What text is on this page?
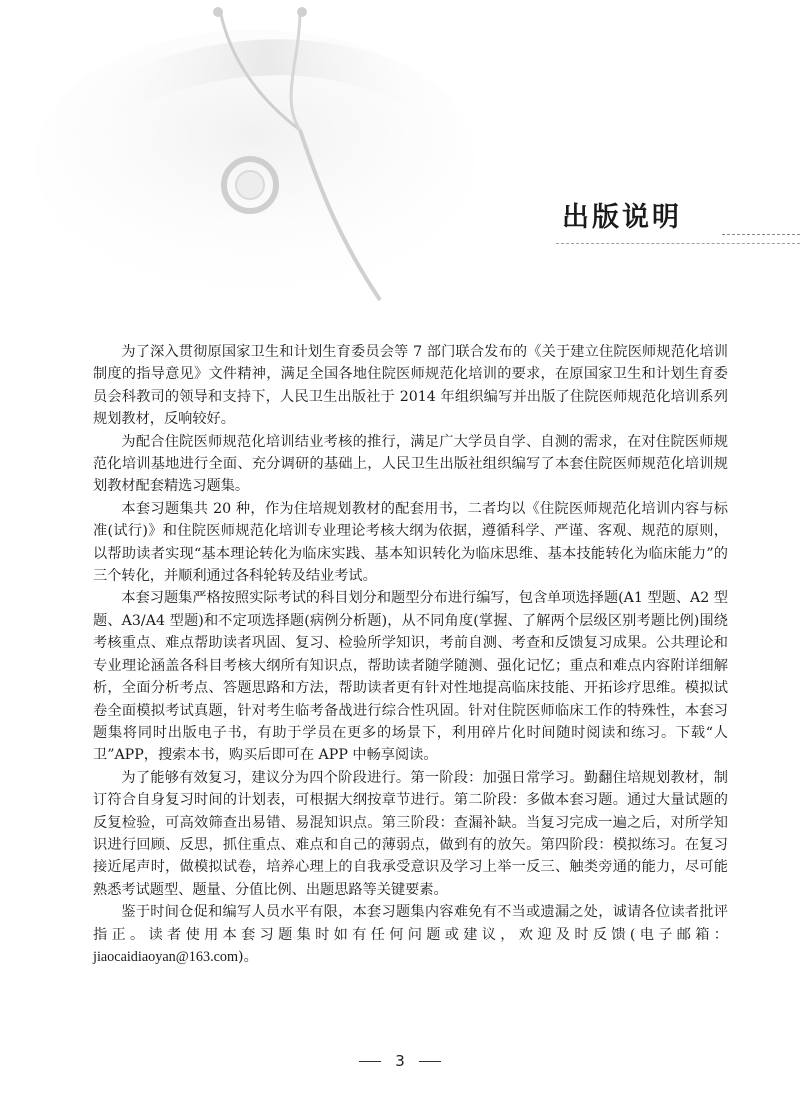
出版说明

为了深入贯彻原国家卫生和计划生育委员会等 7 部门联合发布的《关于建立住院医师规范化培训制度的指导意见》文件精神，满足全国各地住院医师规范化培训的要求，在原国家卫生和计划生育委员会科教司的领导和支持下，人民卫生出版社于 2014 年组织编写并出版了住院医师规范化培训系列规划教材，反响较好。

为配合住院医师规范化培训结业考核的推行，满足广大学员自学、自测的需求，在对住院医师规范化培训基地进行全面、充分调研的基础上，人民卫生出版社组织编写了本套住院医师规范化培训规划教材配套精选习题集。

本套习题集共 20 种，作为住培规划教材的配套用书，二者均以《住院医师规范化培训内容与标准(试行)》和住院医师规范化培训专业理论考核大纲为依据，遵循科学、严谨、客观、规范的原则，以帮助读者实现“基本理论转化为临床实践、基本知识转化为临床思维、基本技能转化为临床能力”的三个转化，并顺利通过各科轮转及结业考试。

本套习题集严格按照实际考试的科目划分和题型分布进行编写，包含单项选择题(A1 型题、A2 型题、A3/A4 型题)和不定项选择题(病例分析题)，从不同角度(掌握、了解两个层级区别考题比例)围绕考核重点、难点帮助读者巩固、复习、检验所学知识，考前自测、考查和反馈复习成果。公共理论和专业理论涵盖各科目考核大纲所有知识点，帮助读者随学随测、强化记忆；重点和难点内容附详细解析，全面分析考点、答题思路和方法，帮助读者更有针对性地提高临床技能、开拓诊疗思维。模拟试卷全面模拟考试真题，针对考生临考备战进行综合性巩固。针对住院医师临床工作的特殊性，本套习题集将同时出版电子书，有助于学员在更多的场景下，利用碎片化时间随时阅读和练习。下载“人卫”APP，搜索本书，购买后即可在 APP 中畅享阅读。

为了能够有效复习，建议分为四个阶段进行。第一阶段：加强日常学习。勤翻住培规划教材，制订符合自身复习时间的计划表，可根据大纲按章节进行。第二阶段：多做本套习题。通过大量试题的反复检验，可高效筛查出易错、易混知识点。第三阶段：查漏补缺。当复习完成一遍之后，对所学知识进行回顾、反思，抓住重点、难点和自己的薄弱点，做到有的放矢。第四阶段：模拟练习。在复习接近尾声时，做模拟试卷，培养心理上的自我承受意识及学习上举一反三、触类旁通的能力，尽可能熟悉考试题型、题量、分值比例、出题思路等关键要素。

鉴于时间仓促和编写人员水平有限，本套习题集内容难免有不当或遗漏之处，诚请各位读者批评指正。读者使用本套习题集时如有任何问题或建议，欢迎及时反馈(电子邮箱：jiaocaidiaoyan@163.com)。

3
